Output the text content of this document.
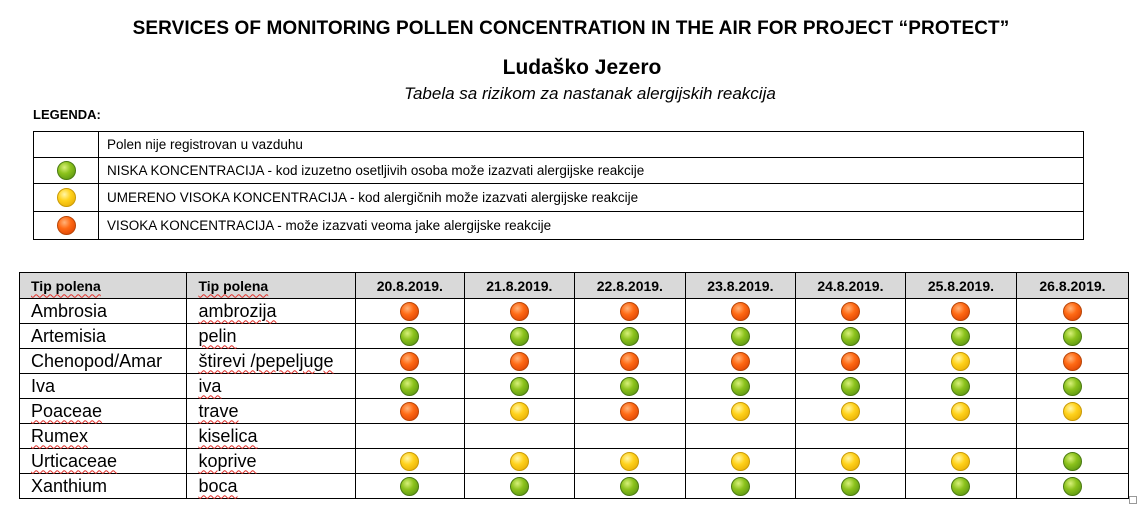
SERVICES OF MONITORING POLLEN CONCENTRATION IN THE AIR FOR PROJECT “PROTECT”
Ludaško Jezero
Tabela sa rizikom za nastanak alergijskih reakcija
LEGENDA:
	Polen nije registrovan u vazduhu
	NISKA KONCENTRACIJA - kod izuzetno osetljivih osoba može izazvati alergijske reakcije
	UMERENO VISOKA KONCENTRACIJA - kod alergičnih može izazvati alergijske reakcije
	VISOKA KONCENTRACIJA - može izazvati veoma jake alergijske reakcije
Tip polena	Tip polena	20.8.2019.	21.8.2019.	22.8.2019.	23.8.2019.	24.8.2019.	25.8.2019.	26.8.2019.
Ambrosia	ambrozija							
Artemisia	pelin							
Chenopod/Amar	štirevi /pepeljuge							
Iva	iva							
Poaceae	trave							
Rumex	kiselica							
Urticaceae	koprive							
Xanthium	boca							
